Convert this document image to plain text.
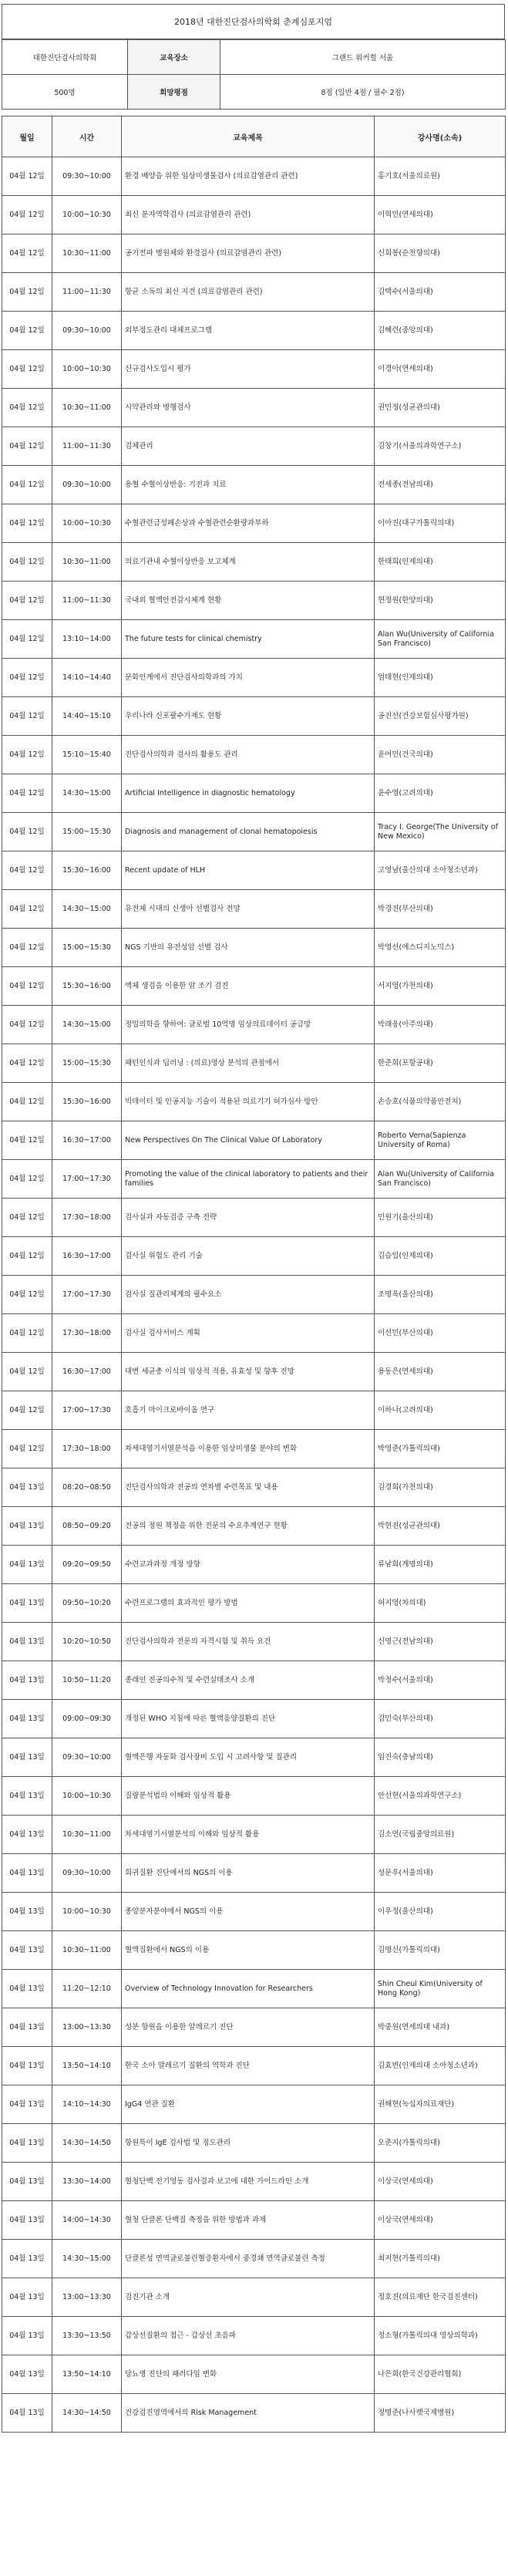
2018년 대한진단검사의학회 춘계심포지엄
대한진단검사의학회	교육장소	그랜드 워커힐 서울
500명	희망평점	8점 (일반 4점 / 필수 2점)
월일	시간	교육제목	강사명(소속)
04월 12일	09:30~10:00	환경 배양을 위한 임상미생물검사 (의료감염관리 관련)	홍기호(서울의료원)
04월 12일	10:00~10:30	최신 분자역학검사 (의료감염관리 관련)	이혁민(연세의대)
04월 12일	10:30~11:00	공기전파 병원체와 환경검사 (의료감염관리 관련)	신희봉(순천향의대)
04월 12일	11:00~11:30	항균 소독의 최신 지견 (의료감염관리 관련)	김택수(서울의대)
04월 12일	09:30~10:00	외부정도관리 대체프로그램	김혜련(중앙의대)
04월 12일	10:00~10:30	신규검사도입시 평가	이경아(연세의대)
04월 12일	10:30~11:00	시약관리와 병행검사	권민정(성균관의대)
04월 12일	11:00~11:30	검체관리	김창기(서울의과학연구소)
04월 12일	09:30~10:00	용혈 수혈이상반응: 기전과 치료	전세종(전남의대)
04월 12일	10:00~10:30	수혈관련급성폐손상과 수혈관련순환량과부하	이아진(대구가톨릭의대)
04월 12일	10:30~11:00	의료기관내 수혈이상반응 보고체계	한태희(인제의대)
04월 12일	11:00~11:30	국내외 혈액안전감시체계 현황	현정원(한양의대)
04월 12일	13:10~14:00	The future tests for clinical chemistry	Alan Wu(University of California San Francisco)
04월 12일	14:10~14:40	문화인계에서 진단검사의학과의 가치	엄태현(인제의대)
04월 12일	14:40~15:10	우리나라 신포괄수가제도 현황	공진선(건강보험심사평가원)
04월 12일	15:10~15:40	진단검사의학과 검사의 활용도 관리	윤여민(건국의대)
04월 12일	14:30~15:00	Artificial Intelligence in diagnostic hematology	윤수영(고려의대)
04월 12일	15:00~15:30	Diagnosis and management of clonal hematopoiesis	Tracy I. George(The University of New Mexico)
04월 12일	15:30~16:00	Recent update of HLH	고영남(울산의대 소아청소년과)
04월 12일	14:30~15:00	유전체 시대의 신생아 선별검사 전망	박경진(부산의대)
04월 12일	15:00~15:30	NGS 기반의 유전성암 선별 검사	박영선(에스디지노믹스)
04월 12일	15:30~16:00	액체 생검을 이용한 암 조기 검진	서지영(가천의대)
04월 12일	14:30~15:00	정밀의학을 향하여: 글로벌 10억명 임상의료데이터 공급망	박래웅(아주의대)
04월 12일	15:00~15:30	패턴인식과 딥러닝 : (의료)영상 분석의 관점에서	한준희(포항공대)
04월 12일	15:30~16:00	빅데이터 및 인공지능 기술이 적용된 의료기기 허가심사 방안	손승호(식품의약품안전처)
04월 12일	16:30~17:00	New Perspectives On The Clinical Value Of Laboratory	Roberto Verna(Sapienza University of Roma)
04월 12일	17:00~17:30	Promoting the value of the clinical laboratory to patients and their families	Alan Wu(University of California San Francisco)
04월 12일	17:30~18:00	검사실과 자동검증 구축 전략	민원기(울산의대)
04월 12일	16:30~17:00	검사실 위험도 관리 기술	김슬일(인제의대)
04월 12일	17:00~17:30	검사실 질관리체계의 필수요소	조명옥(울산의대)
04월 12일	17:30~18:00	검사실 검사서비스 계획	이선민(부산의대)
04월 12일	16:30~17:00	대변 세균총 이식의 임상적 적용, 유효성 및 향후 전망	용동은(연세의대)
04월 12일	17:00~17:30	호흡기 마이크로바이옴 연구	이하나(고려의대)
04월 12일	17:30~18:00	차세대염기서열분석을 이용한 임상미생물 분야의 변화	박영준(가톨릭의대)
04월 13일	08:20~08:50	진단검사의학과 전공의 연차별 수련목표 및 내용	김경희(가천의대)
04월 13일	08:50~09:20	전공의 정원 책정을 위한 전문의 수요추계연구 현황	박현진(성균관의대)
04월 13일	09:20~09:50	수련교과과정 개정 방향	류남희(계명의대)
04월 13일	09:50~10:20	수련프로그램의 효과적인 평가 방법	허지영(차의대)
04월 13일	10:20~10:50	진단검사의학과 전문의 자격시험 및 취득 요건	신명근(전남의대)
04월 13일	10:50~11:20	종래인 전공의수칙 및 수련실태조사 소개	박정수(서울의대)
04월 13일	09:00~09:30	개정된 WHO 지침에 따른 혈액응양질환의 진단	김민숙(부산의대)
04월 13일	09:30~10:00	혈액은행 자동화 검사장비 도입 시 고려사항 및 질관리	임진숙(충남의대)
04월 13일	10:00~10:30	질량분석법의 이해와 임상적 활용	안선현(서울의과학연구소)
04월 13일	10:30~11:00	차세대염기서열분석의 이해와 임상적 활용	김소연(국립중앙의료원)
04월 13일	09:30~10:00	희귀질환 진단에서의 NGS의 이용	성문우(서울의대)
04월 13일	10:00~10:30	종양분자분야에서 NGS의 이용	이우정(울산의대)
04월 13일	10:30~11:00	혈액질환에서 NGS의 이용	김명신(가톨릭의대)
04월 13일	11:20~12:10	Overview of Technology Innovation for Researchers	Shin Cheul Kim(University of Hong Kong)
04월 13일	13:00~13:30	성분 항원을 이용한 알레르기 진단	박중원(연세의대 내과)
04월 13일	13:50~14:10	한국 소아 알레르기 질환의 역학과 진단	김효빈(인제의대 소아청소년과)
04월 13일	14:10~14:30	IgG4 연관 질환	권해현(녹십자의료재단)
04월 13일	14:30~14:50	항원특이 IgE 검사법 및 정도관리	오준지(가톨릭의대)
04월 13일	13:30~14:00	혈청단백 전기영동 검사결과 보고에 대한 가이드라인 소개	이상국(연세의대)
04월 13일	14:00~14:30	혈청 단클론 단백질 측정을 위한 방법과 과제	이상국(연세의대)
04월 13일	14:30~15:00	단클론성 면역글로불린혈증환자에서 중경쇄 면역글로불린 측정	최지현(가톨릭의대)
04월 13일	13:00~13:30	검진기관 소개	정호진(의료재단 한국검진센터)
04월 13일	13:30~13:50	갑상선질환의 접근 - 갑상선 초음파	정소형(가톨릭의대 영상의학과)
04월 13일	13:50~14:10	당뇨병 진단의 패러다임 변화	나은희(한국건강관리협회)
04월 13일	14:30~14:50	건강검진영역에서의 Risk Management	정명준(나사렛국제병원)
